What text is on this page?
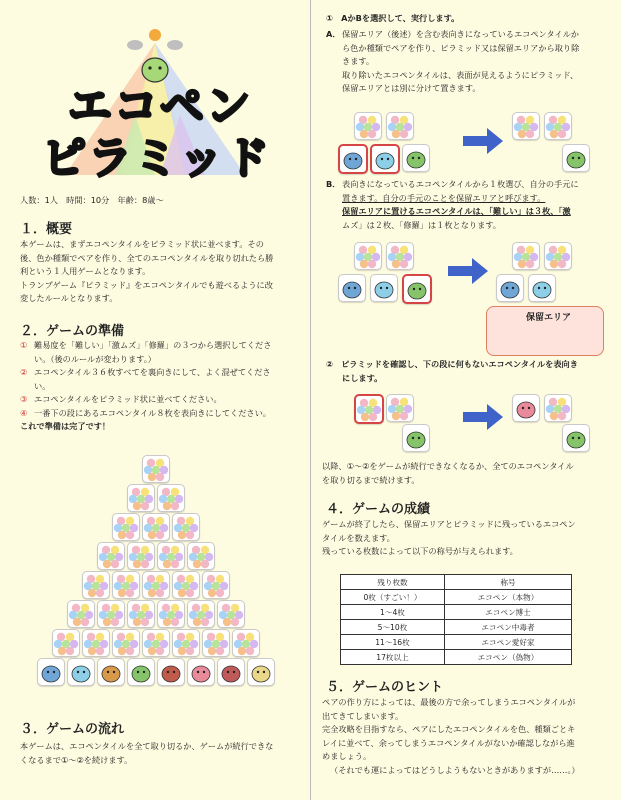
エコペン
ピラミッド
人数：1人　時間：10分　年齢：8歳〜
１．概要
本ゲームは、まずエコペンタイルをピラミッド状に並べます。その
後、色か種類でペアを作り、全てのエコペンタイルを取り切れたら勝
利という１人用ゲームとなります。
トランプゲーム『ピラミッド』をエコペンタイルでも遊べるように改
変したルールとなります。
２．ゲームの準備
① 難易度を「難しい」「激ムズ」「修羅」の３つから選択してくださ
い。（後のルールが変わります。）
② エコペンタイル３６枚すべてを裏向きにして、よく混ぜてくださ
い。
③ エコペンタイルをピラミッド状に並べてください。
④ 一番下の段にあるエコペンタイル８枚を表向きにしてください。
これで準備は完了です！
３．ゲームの流れ
本ゲームは、エコペンタイルを全て取り切るか、ゲームが続行できな
くなるまで①〜②を続けます。
①　AかBを選択して、実行します。
A． 保留エリア（後述）を含む表向きになっているエコペンタイルか
ら色か種類でペアを作り、ピラミッド又は保留エリアから取り除
きます。
取り除いたエコペンタイルは、表面が見えるようにピラミッド、
保留エリアとは別に分けて置きます。
B． 表向きになっているエコペンタイルから１枚選び、自分の手元に
置きます。自分の手元のことを保留エリアと呼びます。
保留エリアに置けるエコペンタイルは、「難しい」は３枚、「激
ムズ」は２枚、「修羅」は１枚となります。
保留エリア
②　ピラミッドを確認し、下の段に何もないエコペンタイルを表向き
にします。
以降、①〜②をゲームが続行できなくなるか、全てのエコペンタイル
を取り切るまで続けます。
４．ゲームの成績
ゲームが終了したら、保留エリアとピラミッドに残っているエコペン
タイルを数えます。
残っている枚数によって以下の称号が与えられます。
残り枚数	称号
0枚（すごい！）	エコペン（本物）
1〜4枚	エコペン博士
5〜10枚	エコペン中毒者
11〜16枚	エコペン愛好家
17枚以上	エコペン（偽物）
５．ゲームのヒント
ペアの作り方によっては、最後の方で余ってしまうエコペンタイルが
出てきてしまいます。
完全攻略を目指すなら、ペアにしたエコペンタイルを色、種類ごとキ
レイに並べて、余ってしまうエコペンタイルがないか確認しながら進
めましょう。
（それでも運によってはどうしようもないときがありますが……。）
